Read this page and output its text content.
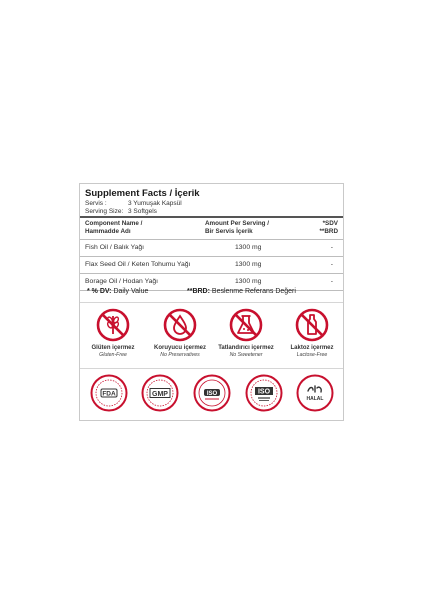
Supplement Facts / İçerik
Servis :	3 Yumuşak Kapsül
Serving Size: 3 Softgels
Component Name /
Hammadde Adı
Amount Per Serving /
Bir Servis İçerik
*SDV
**BRD
Fish Oil / Balık Yağı	1300 mg	-
Flax Seed Oil / Keten Tohumu Yağı	1300 mg	-
Borage Oil / Hodan Yağı	1300 mg	-
* % DV: Daily Value	**BRD: Beslenme Referans Değeri
Glüten içermez
Gluten-Free
Koruyucu içermez
No Preservatives
Tatlandırıcı içermez
No Sweetener
Laktoz içermez
Lactose-Free
FDA	GMP	ISO	ISO
HALAL
